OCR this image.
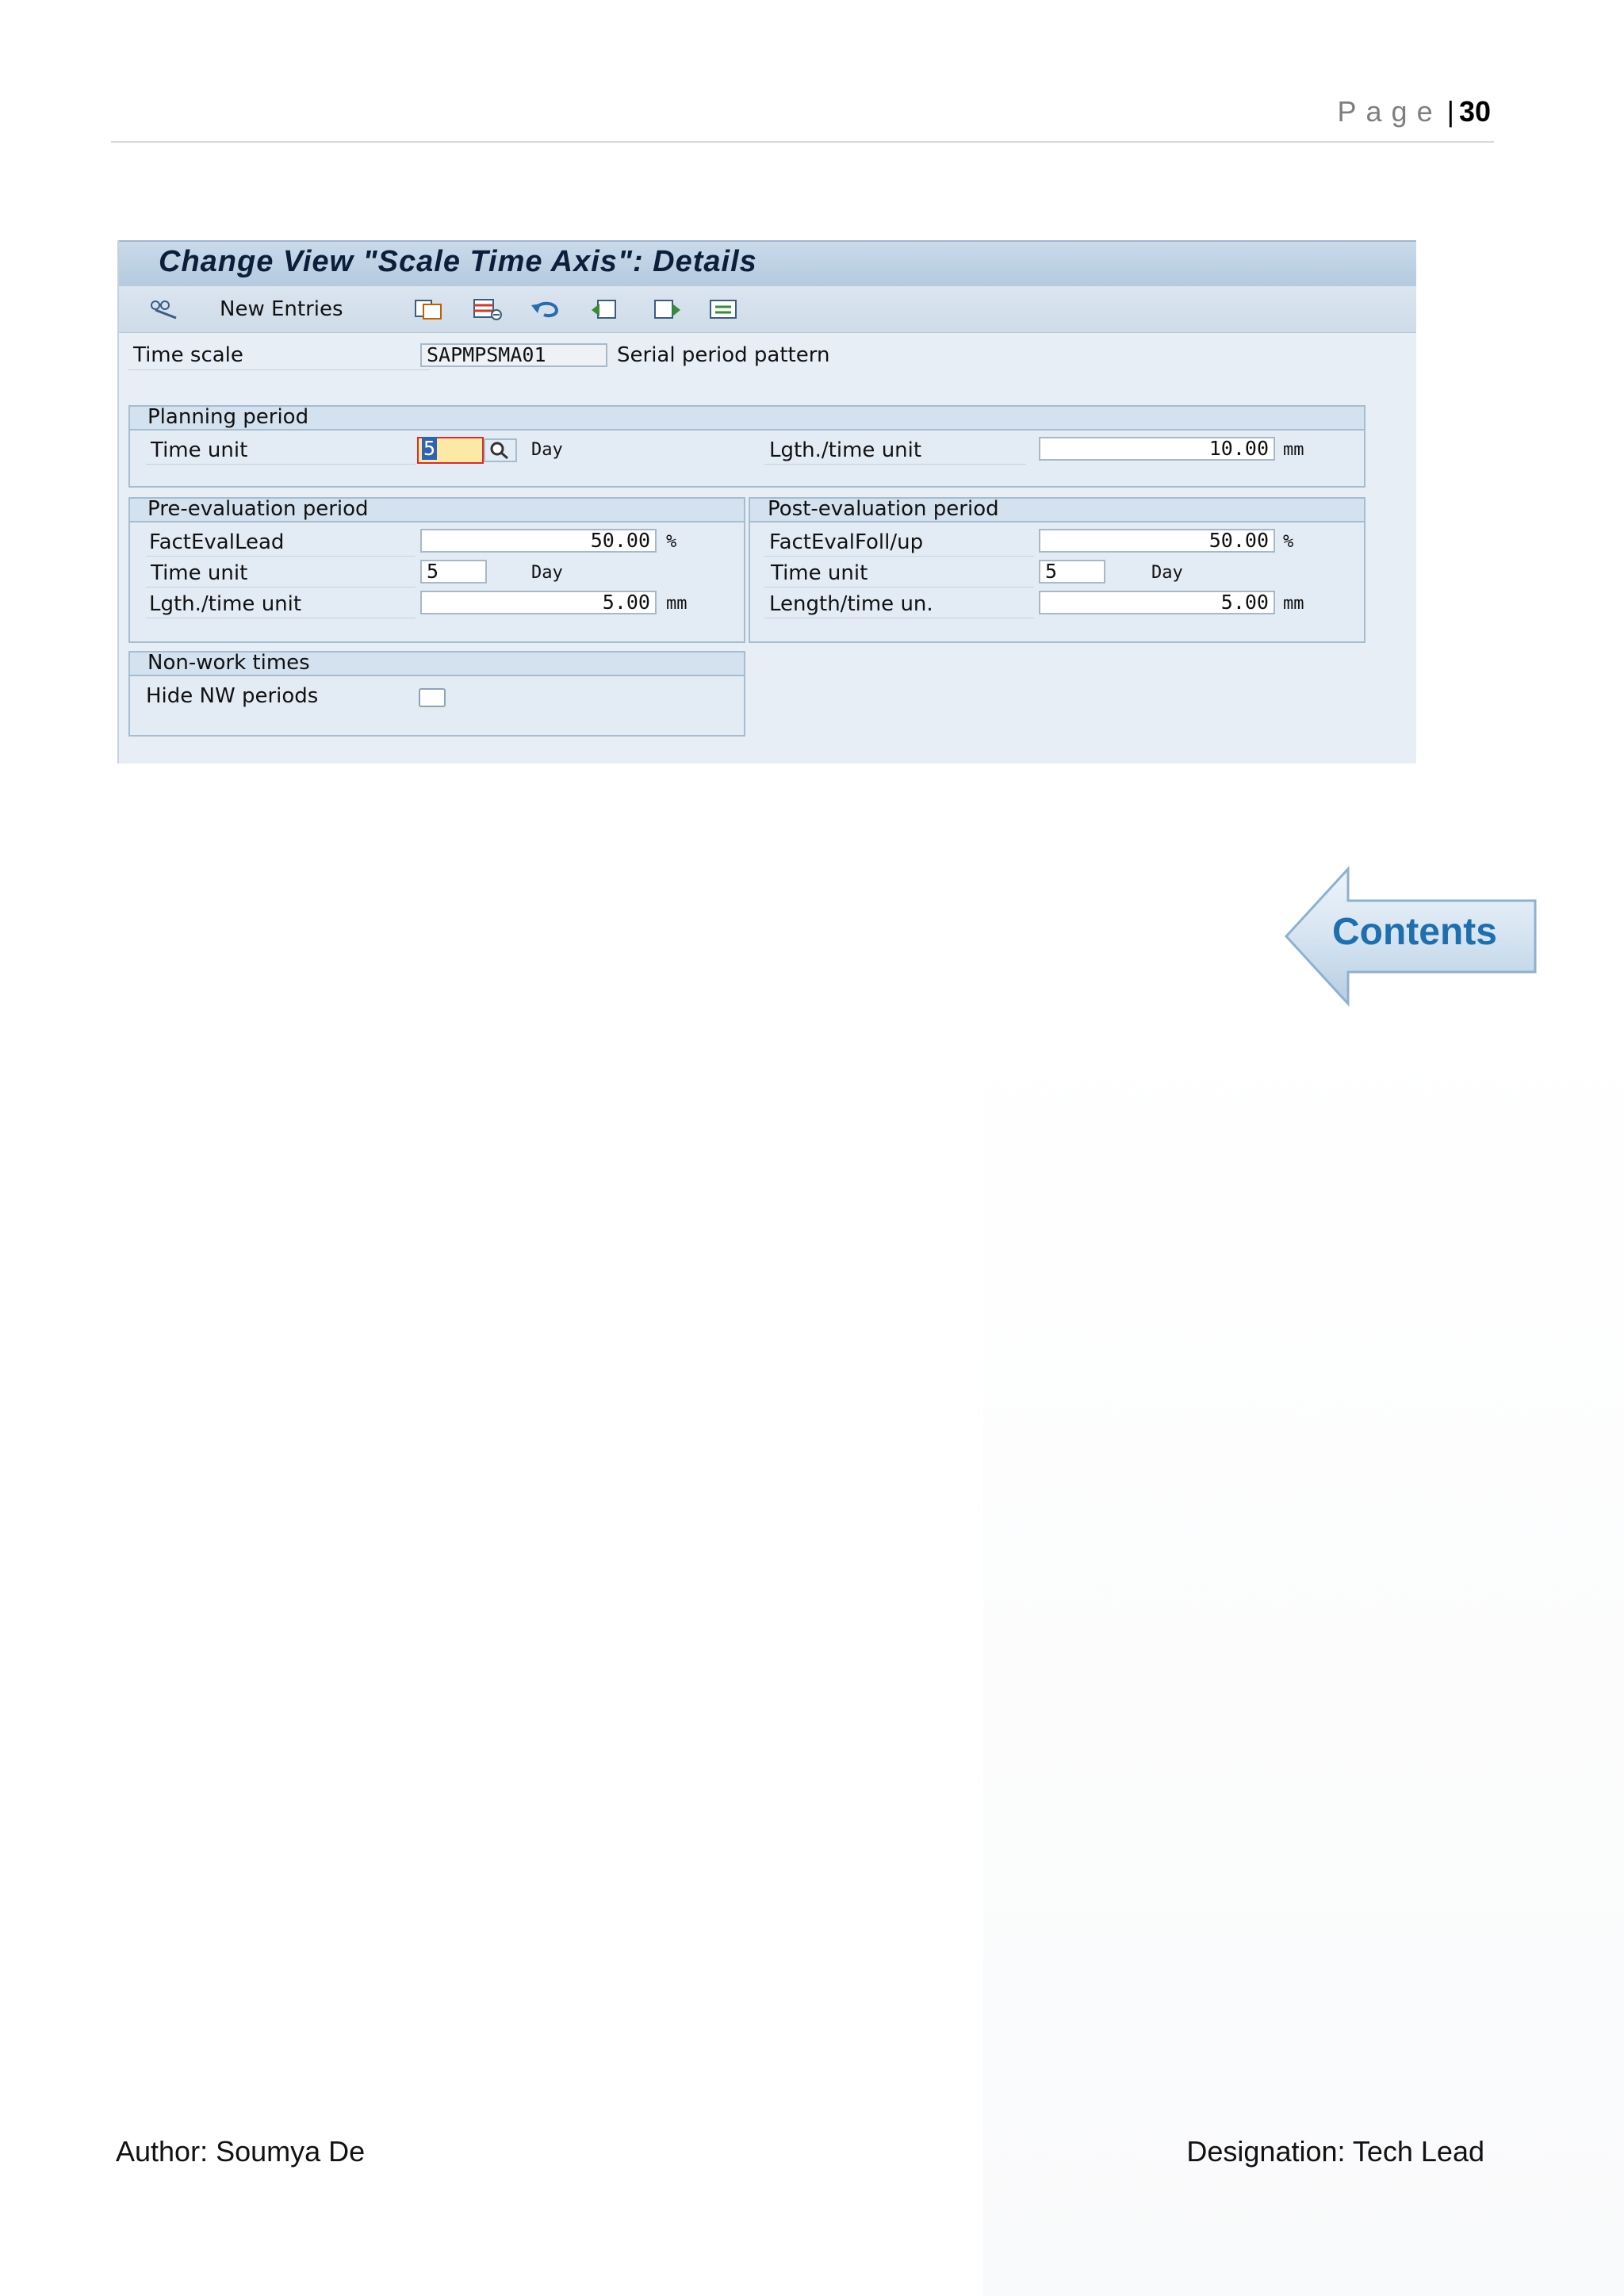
Page | 30
Change View "Scale Time Axis": Details
New Entries
Time scale	SAPMPSMA01	Serial period pattern
Planning period
Time unit	5	Day	Lgth./time unit	10.00 mm
Pre-evaluation period
FactEvalLead	50.00 %
Time unit	5	Day
Lgth./time unit	5.00 mm
Post-evaluation period
FactEvalFoll/up	50.00 %
Time unit	5	Day
Length/time un.	5.00 mm
Non-work times
Hide NW periods
Contents
Author: Soumya De	Designation: Tech Lead
